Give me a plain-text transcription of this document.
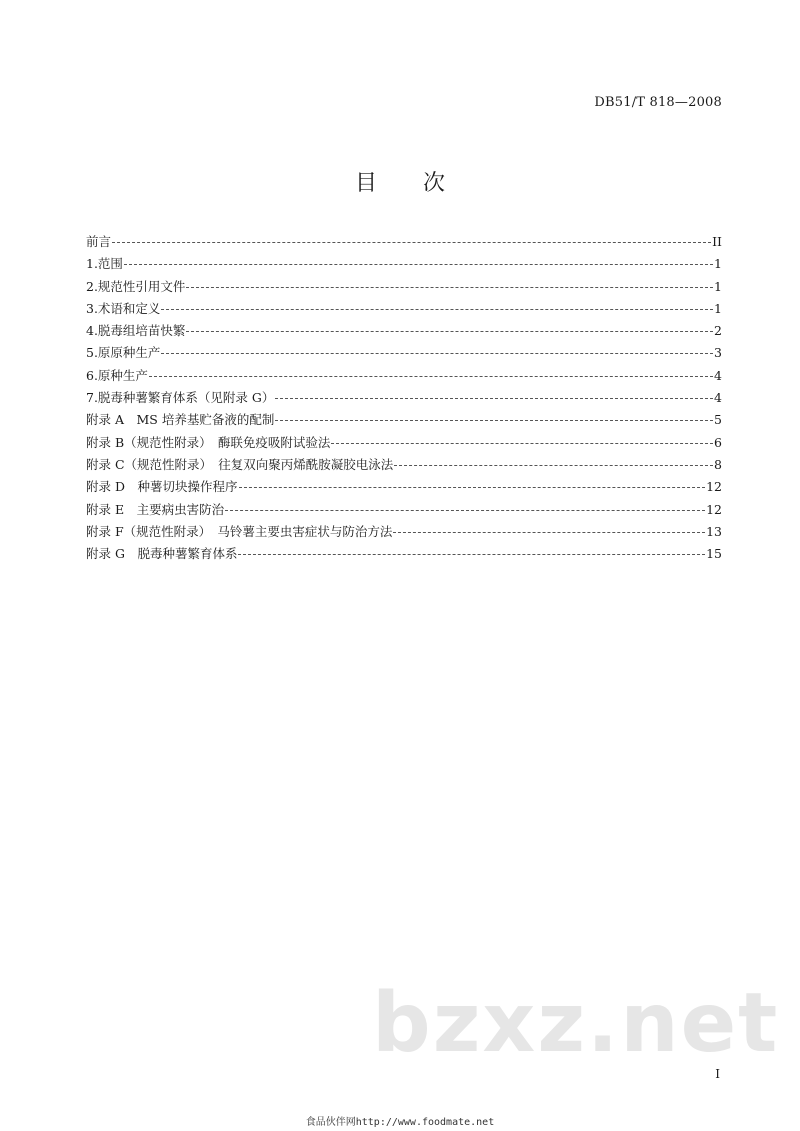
DB51/T 818—2008
目 次
前言	II
1.范围	1
2.规范性引用文件	1
3.术语和定义	1
4.脱毒组培苗快繁	2
5.原原种生产	3
6.原种生产	4
7.脱毒种薯繁育体系（见附录 G）	4
附录 A　MS 培养基贮备液的配制	5
附录 B（规范性附录）　酶联免疫吸附试验法	6
附录 C（规范性附录）　往复双向聚丙烯酰胺凝胶电泳法	8
附录 D　种薯切块操作程序	12
附录 E　主要病虫害防治	12
附录 F（规范性附录）　马铃薯主要虫害症状与防治方法	13
附录 G　脱毒种薯繁育体系	15
bzxz.net
I
食品伙伴网http://www.foodmate.net
